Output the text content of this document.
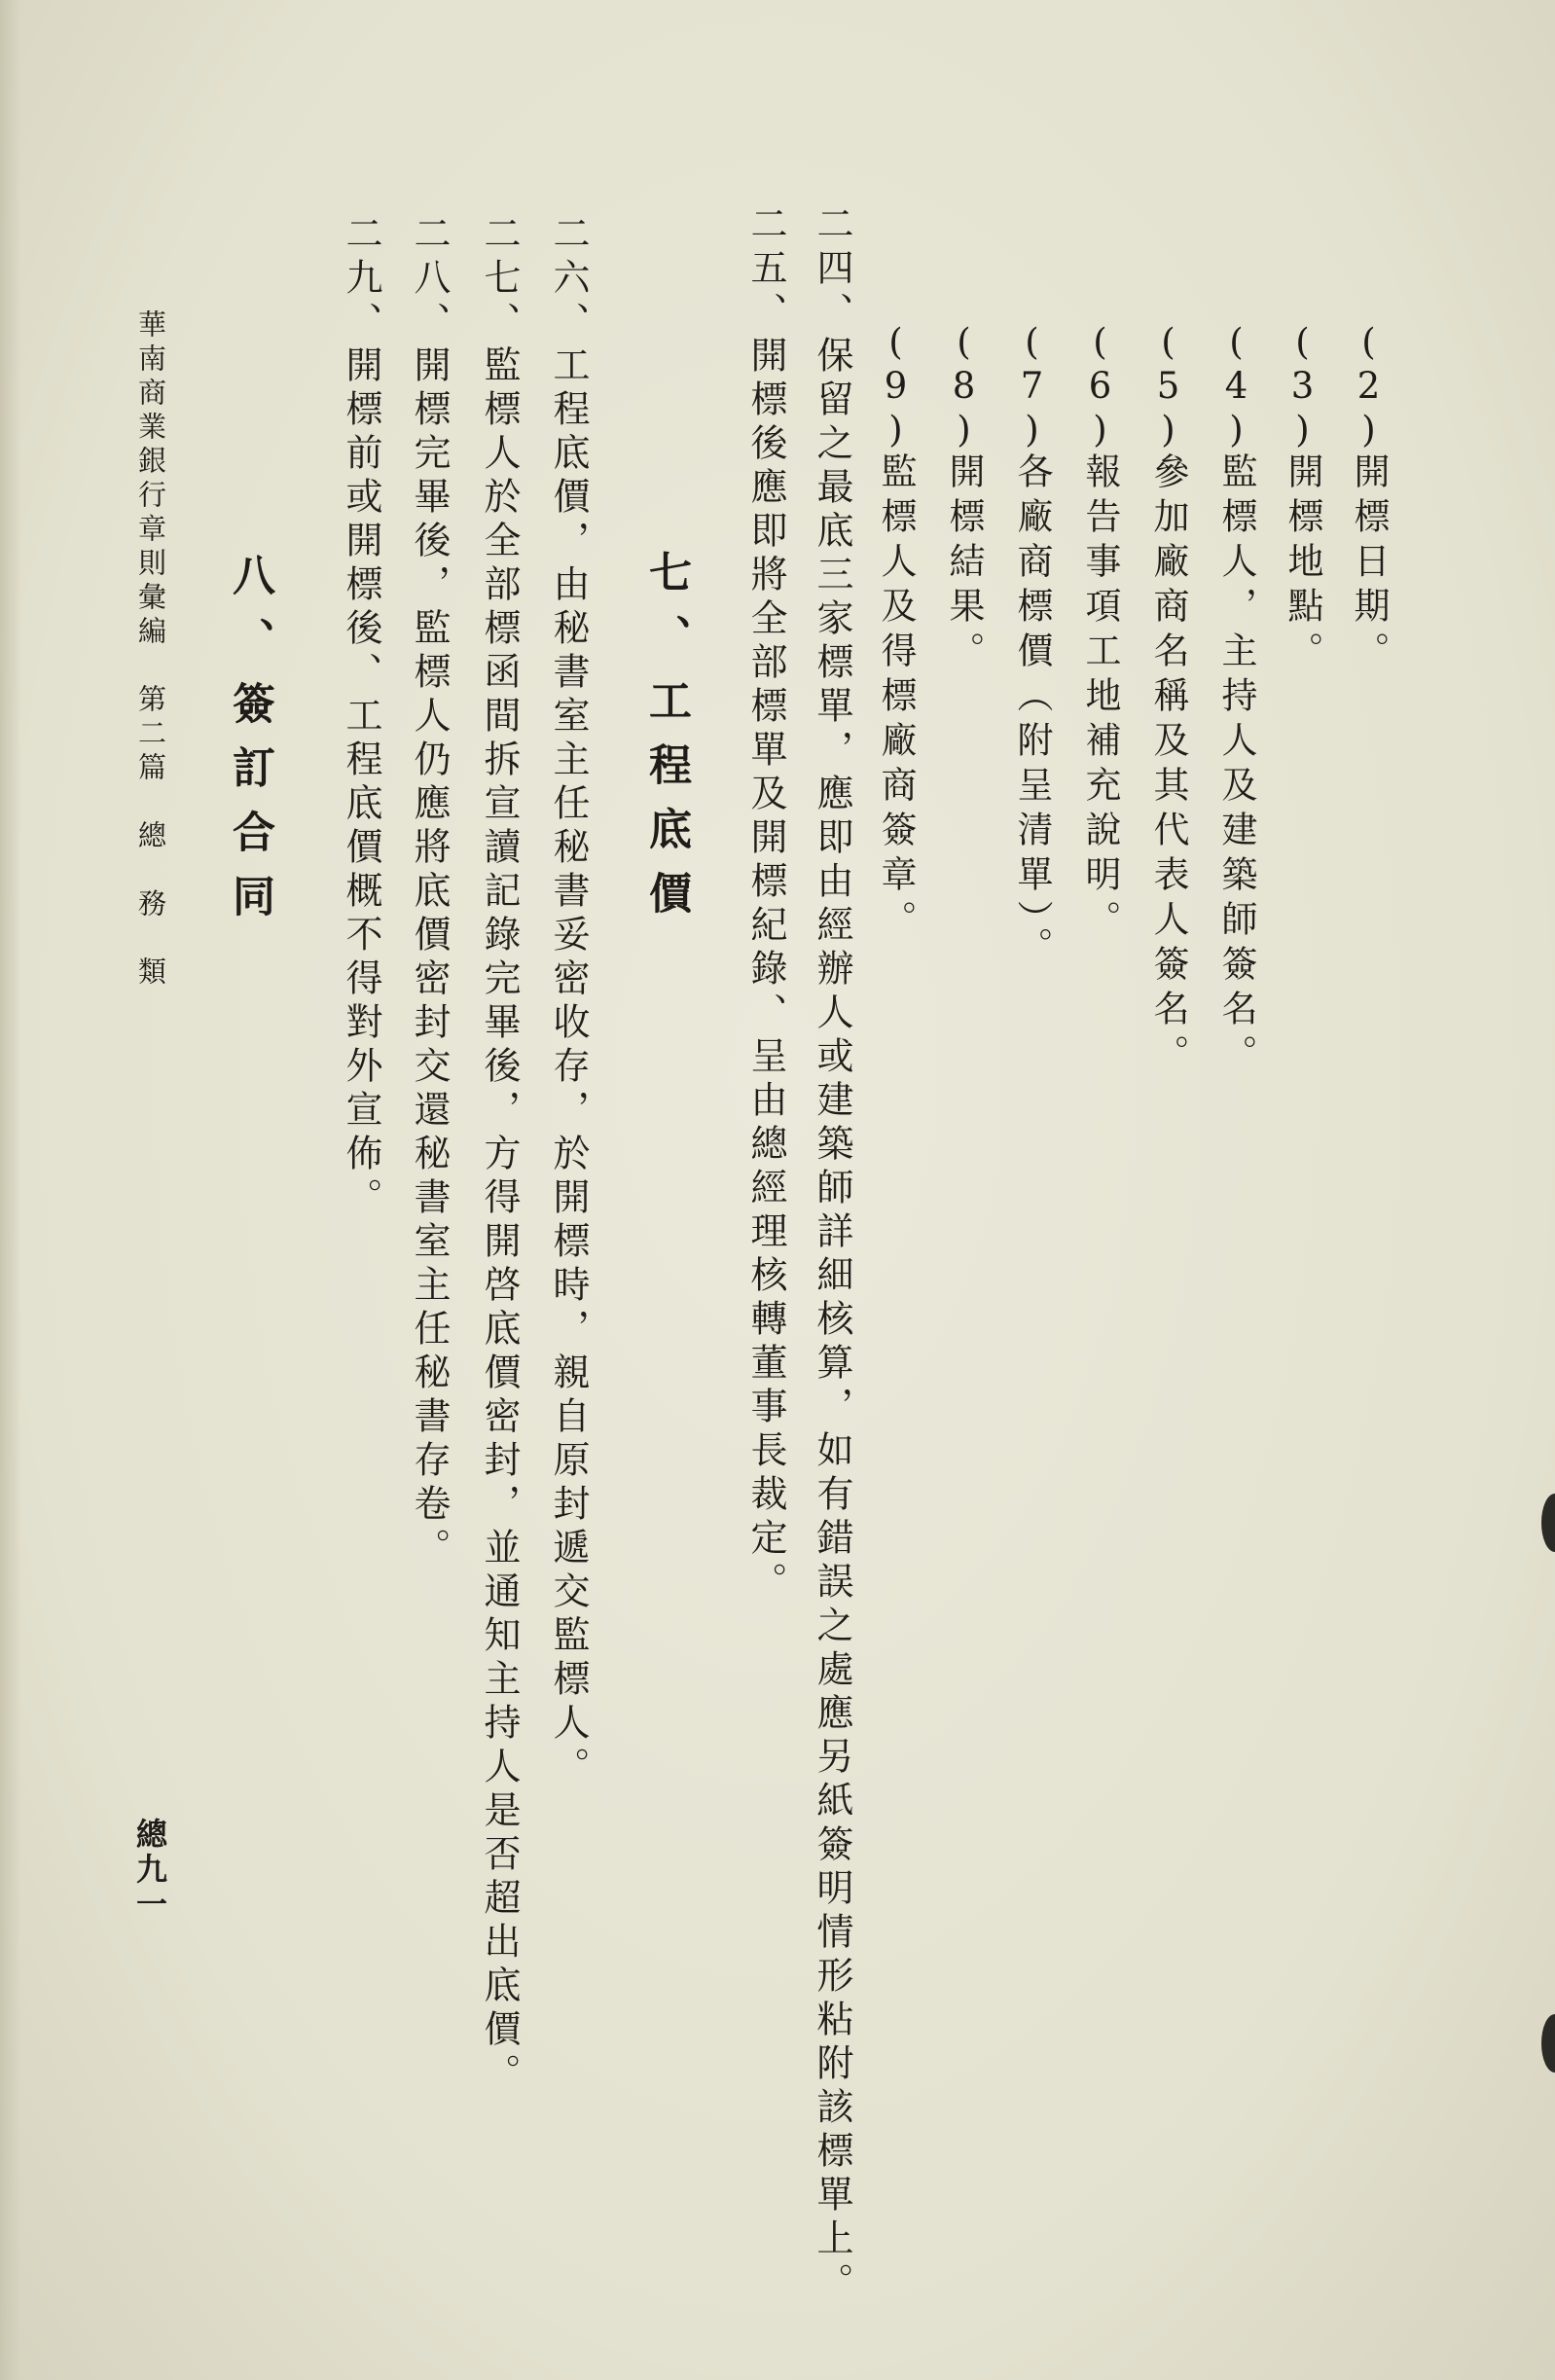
(2)開標日期。
(3)開標地點。
(4)監標人，主持人及建築師簽名。
(5)參加廠商名稱及其代表人簽名。
(6)報告事項工地補充說明。
(7)各廠商標價（附呈清單）。
(8)開標結果。
(9)監標人及得標廠商簽章。
二四、保留之最底三家標單，應即由經辦人或建築師詳細核算，如有錯誤之處應另紙簽明情形粘附該標單上。
二五、開標後應即將全部標單及開標紀錄、呈由總經理核轉董事長裁定。
七、工程底價
二六、工程底價，由秘書室主任秘書妥密收存，於開標時，親自原封遞交監標人。
二七、監標人於全部標函間拆宣讀記錄完畢後，方得開啓底價密封，並通知主持人是否超出底價。
二八、開標完畢後，監標人仍應將底價密封交還秘書室主任秘書存卷。
二九、開標前或開標後、工程底價概不得對外宣佈。
八、簽訂合同
華南商業銀行章則彙編　第二篇　總　務　類
總九一
